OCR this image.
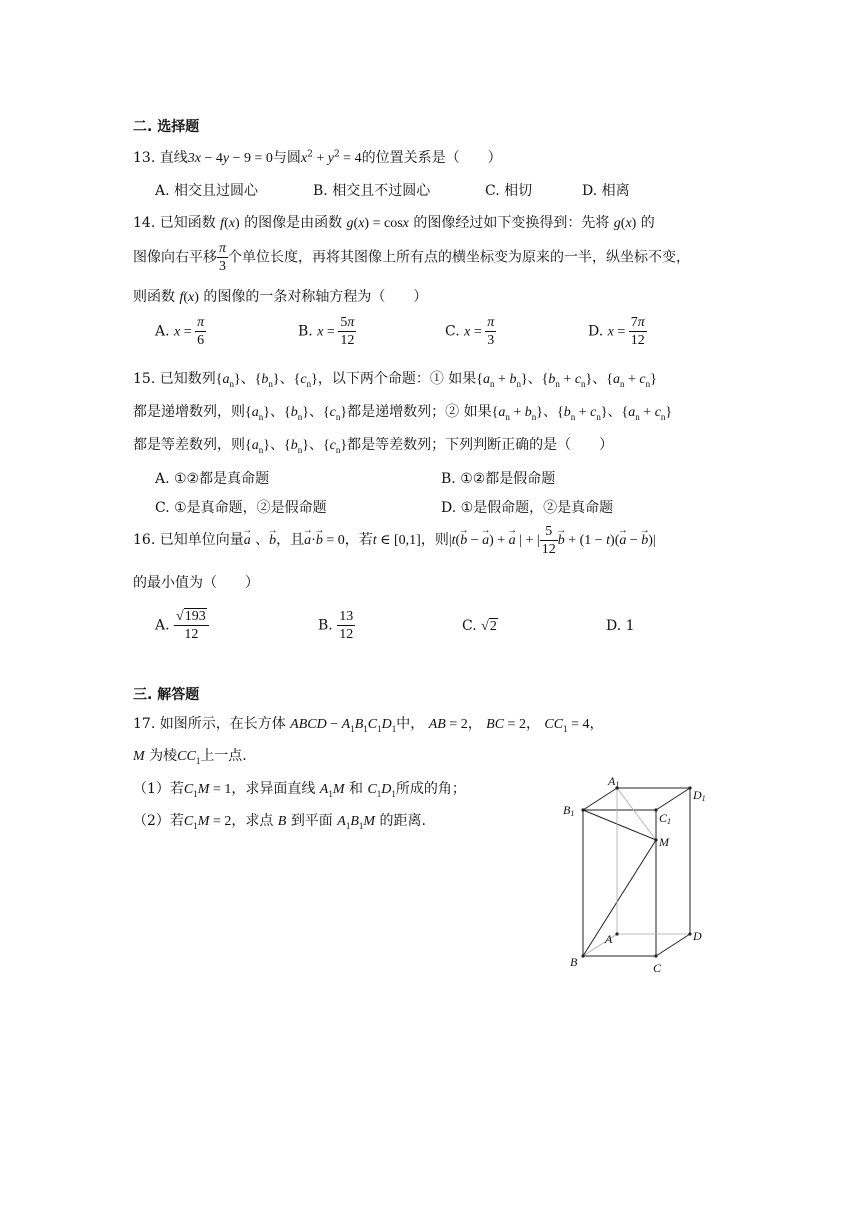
二. 选择题
13. 直线3x − 4y − 9 = 0与圆$x^2 + y^2 = 4$的位置关系是（　　）
A. 相交且过圆心	B. 相交且不过圆心	C. 相切	D. 相离
14. 已知函数 f(x) 的图像是由函数 g(x) = cosx 的图像经过如下变换得到：先将 g(x) 的
图像向右平移 $\frac{\pi}{3}$ 个单位长度，再将其图像上所有点的横坐标变为原来的一半，纵坐标不变，
则函数 f(x) 的图像的一条对称轴方程为（　　）
A. $x = \frac{\pi}{6}$	B. $x = \frac{5\pi}{12}$	C. $x = \frac{\pi}{3}$	D. $x = \frac{7\pi}{12}$
15. 已知数列$\{a_n\}$、$\{b_n\}$、$\{c_n\}$，以下两个命题：① 如果$\{a_n + b_n\}$、$\{b_n + c_n\}$、$\{a_n + c_n\}$
都是递增数列，则$\{a_n\}$、$\{b_n\}$、$\{c_n\}$都是递增数列；② 如果$\{a_n + b_n\}$、$\{b_n + c_n\}$、$\{a_n + c_n\}$
都是等差数列，则$\{a_n\}$、$\{b_n\}$、$\{c_n\}$都是等差数列；下列判断正确的是（　　）
A. ①②都是真命题	B. ①②都是假命题
C. ①是真命题，②是假命题	D. ①是假命题，②是真命题
16. 已知单位向量→ a 、→ b，且→ a·→ b = 0，若t ∈ [0,1]，则|t(→ b − → a) + → a | + | $\frac{5}{12}$
→ b + (1 − t)(→ a − → b)|
的最小值为（　　）
A. $\frac{√193}{12}$	B. $\frac{13}{12}$	C. √2	D. 1
三. 解答题
17. 如图所示，在长方体 ABCD − $A_1B_1C_1D_1$中， AB = 2， BC = 2， $CC_1 = 4$，
M 为棱$CC_1$上一点.
（1）若$C_1M = 1$，求异面直线 $A_1M$ 和 $C_1D_1$所成的角；
（2）若$C_1M = 2$，求点 B 到平面 $A_1B_1M$ 的距离.
A1
D1
B1	C1
M
A	D
B	C
